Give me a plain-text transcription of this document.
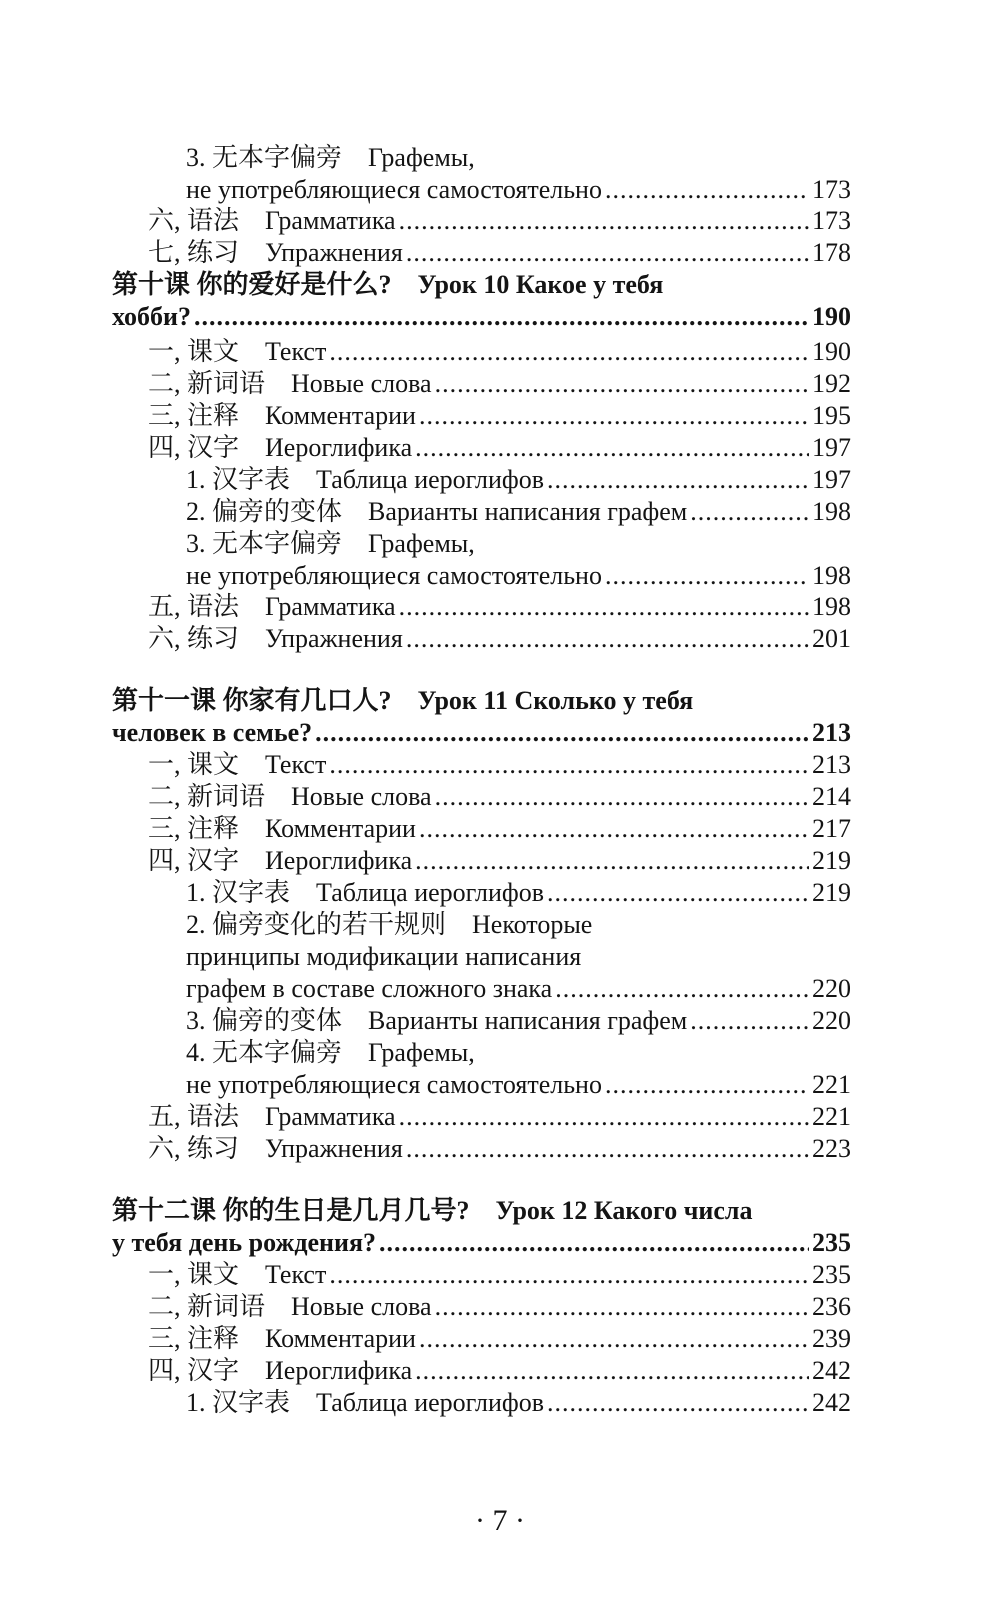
3. 无本字偏旁 Графемы,
не употребляющиеся самостоятельно .....	173
六, 语法 Грамматика .....	173
七, 练习 Упражнения .....	178
第十课 你的爱好是什么? Урок 10 Какое у тебя
хобби? .....	190
一, 课文 Текст .....	190
二, 新词语 Новые слова .....	192
三, 注释 Комментарии .....	195
四, 汉字 Иероглифика .....	197
1. 汉字表 Таблица иероглифов .....	197
2. 偏旁的变体 Варианты написания графем .....	198
3. 无本字偏旁 Графемы,
не употребляющиеся самостоятельно .....	198
五, 语法 Грамматика .....	198
六, 练习 Упражнения .....	201
第十一课 你家有几口人? Урок 11 Сколько у тебя
человек в семье? .....	213
一, 课文 Текст .....	213
二, 新词语 Новые слова .....	214
三, 注释 Комментарии .....	217
四, 汉字 Иероглифика .....	219
1. 汉字表 Таблица иероглифов .....	219
2. 偏旁变化的若干规则 Некоторые
принципы модификации написания
графем в составе сложного знака .....	220
3. 偏旁的变体 Варианты написания графем .....	220
4. 无本字偏旁 Графемы,
не употребляющиеся самостоятельно .....	221
五, 语法 Грамматика .....	221
六, 练习 Упражнения .....	223
第十二课 你的生日是几月几号? Урок 12 Какого числа
у тебя день рождения? .....	235
一, 课文 Текст .....	235
二, 新词语 Новые слова .....	236
三, 注释 Комментарии .....	239
四, 汉字 Иероглифика .....	242
1. 汉字表 Таблица иероглифов .....	242
· 7 ·
